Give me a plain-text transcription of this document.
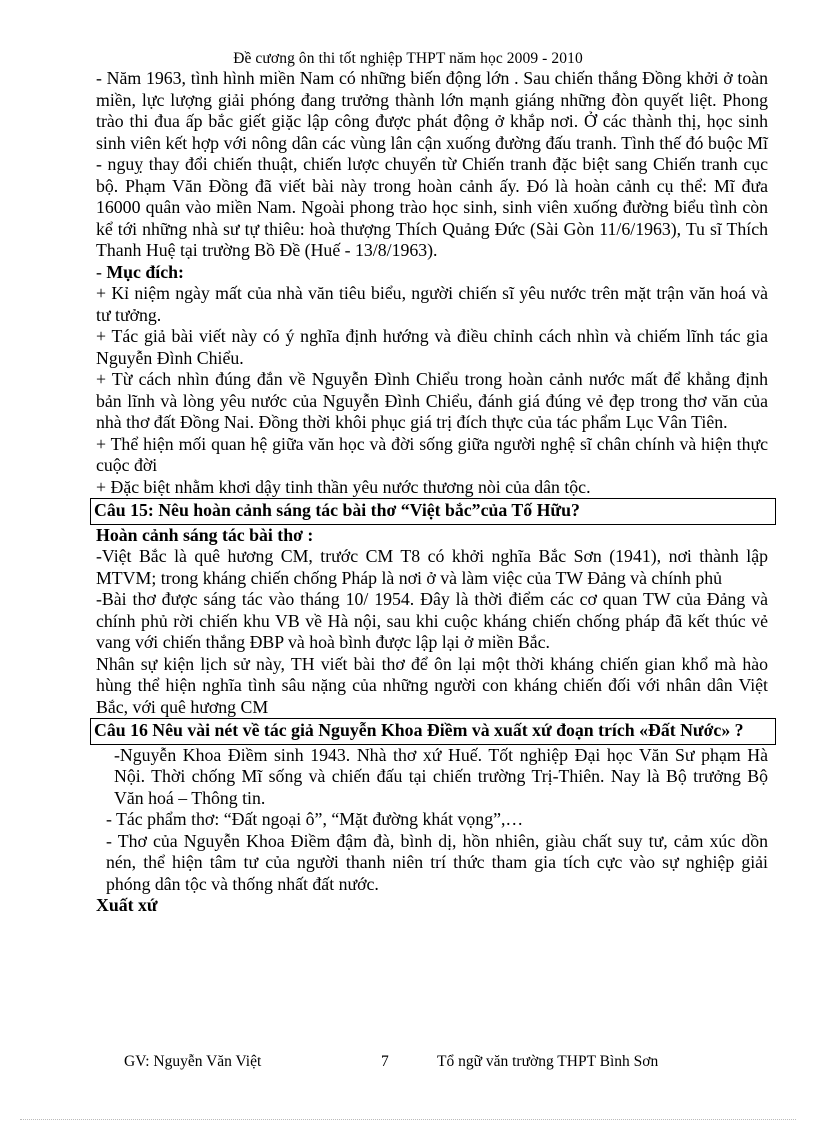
Đề cương ôn thi tốt nghiệp THPT năm học 2009 - 2010

- Năm 1963, tình hình miền Nam có những biến động lớn . Sau chiến thắng Đồng khởi ở toàn miền, lực lượng giải phóng đang trưởng thành lớn mạnh giáng những đòn quyết liệt. Phong trào thi đua ấp bắc giết giặc lập công được phát động ở khắp nơi. Ở các thành thị, học sinh sinh viên kết hợp với nông dân các vùng lân cận xuống đường đấu tranh. Tình thế đó buộc Mĩ - nguỵ thay đổi chiến thuật, chiến lược chuyển từ Chiến tranh đặc biệt sang Chiến tranh cục bộ. Phạm Văn Đồng đã viết bài này trong hoàn cảnh ấy. Đó là hoàn cảnh cụ thể: Mĩ đưa 16000 quân vào miền Nam. Ngoài phong trào học sinh, sinh viên xuống đường biểu tình còn kể tới những nhà sư tự thiêu: hoà thượng Thích Quảng Đức (Sài Gòn 11/6/1963), Tu sĩ Thích Thanh Huệ tại trường Bồ Đề (Huế - 13/8/1963).

- Mục đích:

+ Kỉ niệm ngày mất của nhà văn tiêu biểu, người chiến sĩ yêu nước trên mặt trận văn hoá và tư tưởng.

+ Tác giả bài viết này có ý nghĩa định hướng và điều chỉnh cách nhìn và chiếm lĩnh tác gia Nguyễn Đình Chiểu.

+ Từ cách nhìn đúng đắn về Nguyễn Đình Chiểu trong hoàn cảnh nước mất để khẳng định bản lĩnh và lòng yêu nước của Nguyễn Đình Chiểu, đánh giá đúng vẻ đẹp trong thơ văn của nhà thơ đất Đồng Nai. Đồng thời khôi phục giá trị đích thực của tác phẩm Lục Vân Tiên.

+ Thể hiện mối quan hệ giữa văn học và đời sống giữa người nghệ sĩ chân chính và hiện thực cuộc đời

+ Đặc biệt nhằm khơi dậy tinh thần yêu nước thương nòi của dân tộc.

Câu 15: Nêu hoàn cảnh sáng tác bài thơ “Việt bắc”của Tố Hữu?

Hoàn cảnh sáng tác bài thơ :

-Việt Bắc là quê hương CM, trước CM T8 có khởi nghĩa Bắc Sơn (1941), nơi thành lập MTVM; trong kháng chiến chống Pháp là nơi ở và làm việc của TW Đảng và chính phủ

-Bài thơ được sáng tác vào tháng 10/ 1954. Đây là thời điểm các cơ quan TW của Đảng và chính phủ rời chiến khu VB về Hà nội, sau khi cuộc kháng chiến chống pháp đã kết thúc vẻ vang với chiến thắng ĐBP và hoà bình được lập lại ở miền Bắc.

Nhân sự kiện lịch sử này, TH viết bài thơ để ôn lại một thời kháng chiến gian khổ mà hào hùng thể hiện nghĩa tình sâu nặng của những người con kháng chiến đối với nhân dân Việt Bắc, với quê hương CM

Câu 16 Nêu vài nét về tác giả Nguyễn Khoa Điềm và xuất xứ đoạn trích «Đất Nước» ?

-Nguyễn Khoa Điềm sinh 1943. Nhà thơ xứ Huế. Tốt nghiệp Đại học Văn Sư phạm Hà Nội. Thời chống Mĩ sống và chiến đấu tại chiến trường Trị-Thiên. Nay là Bộ trưởng Bộ Văn hoá – Thông tin.

- Tác phẩm thơ: “Đất ngoại ô”, “Mặt đường khát vọng”,…

- Thơ của Nguyễn Khoa Điềm đậm đà, bình dị, hồn nhiên, giàu chất suy tư, cảm xúc dồn nén, thể hiện tâm tư của người thanh niên trí thức tham gia tích cực vào sự nghiệp giải phóng dân tộc và thống nhất đất nước.

Xuất xứ

GV: Nguyễn Văn Việt	7	Tổ ngữ văn trường THPT Bình Sơn
